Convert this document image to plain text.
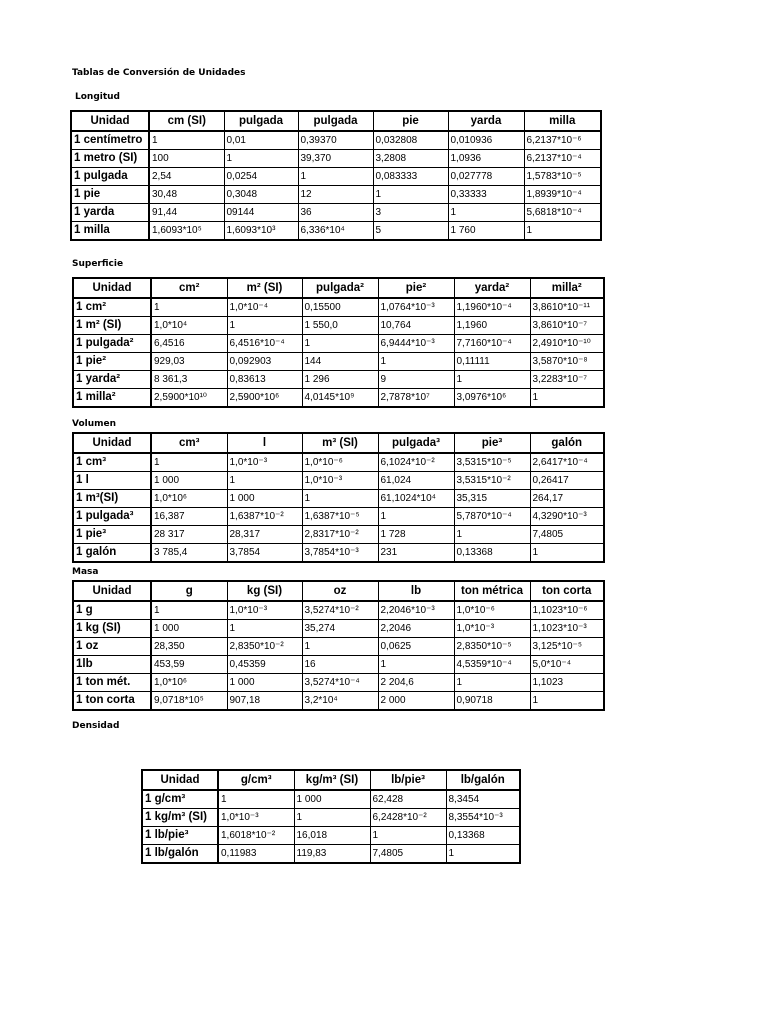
Tablas de Conversión de Unidades
Longitud
Unidad	cm (SI)	pulgada	pulgada	pie	yarda	milla
1 centímetro	1	0,01	0,39370	0,032808	0,010936	6,2137*10⁻⁶
1 metro (SI)	100	1	39,370	3,2808	1,0936	6,2137*10⁻⁴
1 pulgada	2,54	0,0254	1	0,083333	0,027778	1,5783*10⁻⁵
1 pie	30,48	0,3048	12	1	0,33333	1,8939*10⁻⁴
1 yarda	91,44	09144	36	3	1	5,6818*10⁻⁴
1 milla	1,6093*10⁵	1,6093*10³	6,336*10⁴	5	1 760	1
Superficie
Unidad	cm²	m² (SI)	pulgada²	pie²	yarda²	milla²
1 cm²	1	1,0*10⁻⁴	0,15500	1,0764*10⁻³	1,1960*10⁻⁴	3,8610*10⁻¹¹
1 m² (SI)	1,0*10⁴	1	1 550,0	10,764	1,1960	3,8610*10⁻⁷
1 pulgada²	6,4516	6,4516*10⁻⁴	1	6,9444*10⁻³	7,7160*10⁻⁴	2,4910*10⁻¹⁰
1 pie²	929,03	0,092903	144	1	0,11111	3,5870*10⁻⁸
1 yarda²	8 361,3	0,83613	1 296	9	1	3,2283*10⁻⁷
1 milla²	2,5900*10¹⁰	2,5900*10⁶	4,0145*10⁹	2,7878*10⁷	3,0976*10⁶	1
Volumen
Unidad	cm³	l	m³ (SI)	pulgada³	pie³	galón
1 cm³	1	1,0*10⁻³	1,0*10⁻⁶	6,1024*10⁻²	3,5315*10⁻⁵	2,6417*10⁻⁴
1 l	1 000	1	1,0*10⁻³	61,024	3,5315*10⁻²	0,26417
1 m³(SI)	1,0*10⁶	1 000	1	61,1024*10⁴	35,315	264,17
1 pulgada³	16,387	1,6387*10⁻²	1,6387*10⁻⁵	1	5,7870*10⁻⁴	4,3290*10⁻³
1 pie³	28 317	28,317	2,8317*10⁻²	1 728	1	7,4805
1 galón	3 785,4	3,7854	3,7854*10⁻³	231	0,13368	1
Masa
Unidad	g	kg (SI)	oz	lb	ton métrica	ton corta
1 g	1	1,0*10⁻³	3,5274*10⁻²	2,2046*10⁻³	1,0*10⁻⁶	1,1023*10⁻⁶
1 kg (SI)	1 000	1	35,274	2,2046	1,0*10⁻³	1,1023*10⁻³
1 oz	28,350	2,8350*10⁻²	1	0,0625	2,8350*10⁻⁵	3,125*10⁻⁵
1lb	453,59	0,45359	16	1	4,5359*10⁻⁴	5,0*10⁻⁴
1 ton mét.	1,0*10⁶	1 000	3,5274*10⁻⁴	2 204,6	1	1,1023
1 ton corta	9,0718*10⁵	907,18	3,2*10⁴	2 000	0,90718	1
Densidad
Unidad	g/cm³	kg/m³ (SI)	lb/pie³	lb/galón
1 g/cm³	1	1 000	62,428	8,3454
1 kg/m³ (SI)	1,0*10⁻³	1	6,2428*10⁻²	8,3554*10⁻³
1 lb/pie³	1,6018*10⁻²	16,018	1	0,13368
1 lb/galón	0,11983	119,83	7,4805	1
